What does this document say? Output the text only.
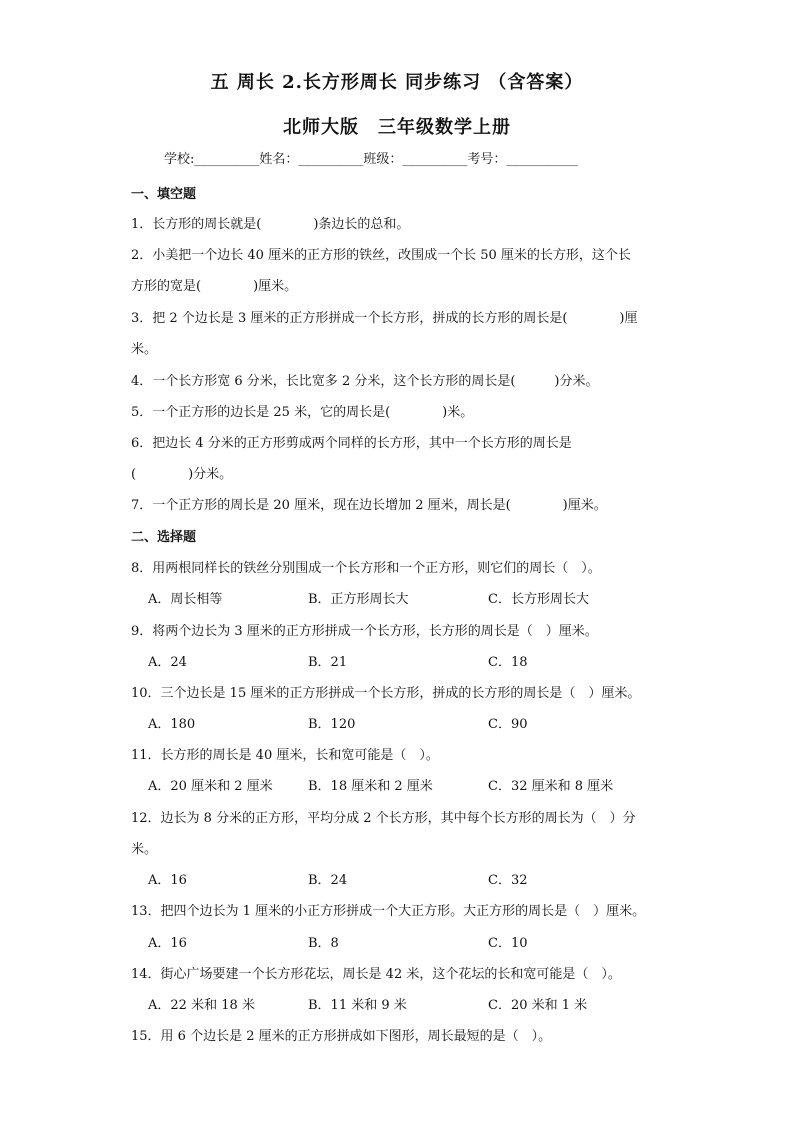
五 周长 2.长方形周长 同步练习 （含答案）
北师大版　三年级数学上册
学校:__________姓名：__________班级：__________考号：___________
一、填空题
1．长方形的周长就是(　　　　)条边长的总和。
2．小美把一个边长 40 厘米的正方形的铁丝，改围成一个长 50 厘米的长方形，这个长
方形的宽是(　　　　)厘米。
3．把 2 个边长是 3 厘米的正方形拼成一个长方形，拼成的长方形的周长是(　　　　)厘
米。
4．一个长方形宽 6 分米，长比宽多 2 分米，这个长方形的周长是(　　　)分米。
5．一个正方形的边长是 25 米，它的周长是(　　　　)米。
6．把边长 4 分米的正方形剪成两个同样的长方形，其中一个长方形的周长是
(　　　　)分米。
7．一个正方形的周长是 20 厘米，现在边长增加 2 厘米，周长是(　　　　)厘米。
二、选择题
8．用两根同样长的铁丝分别围成一个长方形和一个正方形，则它们的周长（　）。
A．周长相等	B．正方形周长大	C．长方形周长大
9．将两个边长为 3 厘米的正方形拼成一个长方形，长方形的周长是（　）厘米。
A．24	B．21	C．18
10．三个边长是 15 厘米的正方形拼成一个长方形，拼成的长方形的周长是（　）厘米。
A．180	B．120	C．90
11．长方形的周长是 40 厘米，长和宽可能是（　）。
A．20 厘米和 2 厘米	B．18 厘米和 2 厘米	C．32 厘米和 8 厘米
12．边长为 8 分米的正方形，平均分成 2 个长方形，其中每个长方形的周长为（　）分
米。
A．16	B．24	C．32
13．把四个边长为 1 厘米的小正方形拼成一个大正方形。大正方形的周长是（　）厘米。
A．16	B．8	C．10
14．街心广场要建一个长方形花坛，周长是 42 米，这个花坛的长和宽可能是（　）。
A．22 米和 18 米	B．11 米和 9 米	C．20 米和 1 米
15．用 6 个边长是 2 厘米的正方形拼成如下图形，周长最短的是（　）。
